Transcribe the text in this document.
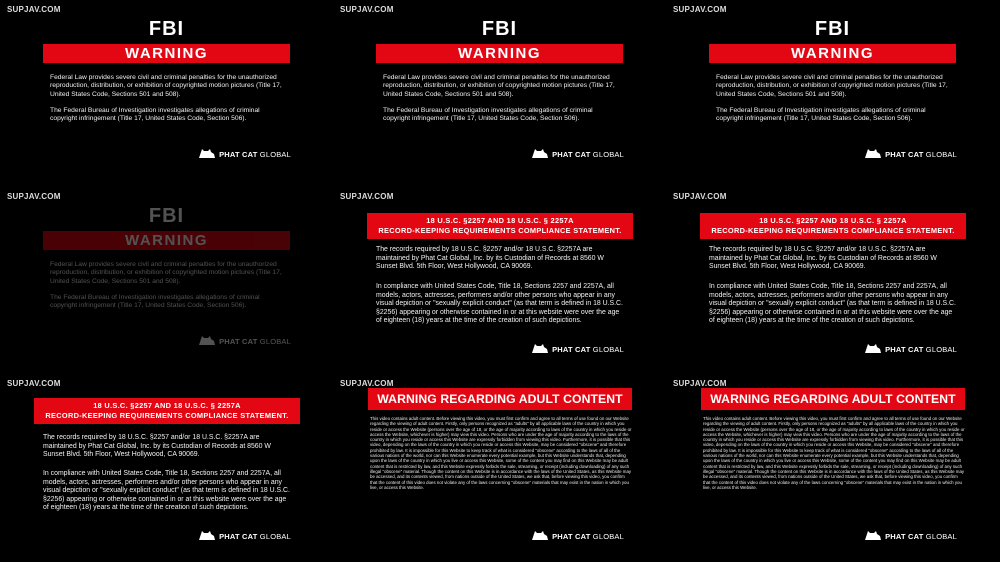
SUPJAV.COM
FBI
WARNING
Federal Law provides severe civil and criminal penalties for the unauthorized reproduction, distribution, or exhibition of copyrighted motion pictures (Title 17, United States Code, Sections 501 and 508).
The Federal Bureau of Investigation investigates allegations of criminal copyright infringement (Title 17, United States Code, Section 506).
PHAT CAT GLOBAL
SUPJAV.COM
FBI
WARNING
Federal Law provides severe civil and criminal penalties for the unauthorized reproduction, distribution, or exhibition of copyrighted motion pictures (Title 17, United States Code, Sections 501 and 508).
The Federal Bureau of Investigation investigates allegations of criminal copyright infringement (Title 17, United States Code, Section 506).
PHAT CAT GLOBAL
SUPJAV.COM
FBI
WARNING
Federal Law provides severe civil and criminal penalties for the unauthorized reproduction, distribution, or exhibition of copyrighted motion pictures (Title 17, United States Code, Sections 501 and 508).
The Federal Bureau of Investigation investigates allegations of criminal copyright infringement (Title 17, United States Code, Section 506).
PHAT CAT GLOBAL
SUPJAV.COM
FBI
WARNING
Federal Law provides severe civil and criminal penalties for the unauthorized reproduction, distribution, or exhibition of copyrighted motion pictures (Title 17, United States Code, Sections 501 and 508).
The Federal Bureau of Investigation investigates allegations of criminal copyright infringement (Title 17, United States Code, Section 506).
PHAT CAT GLOBAL
SUPJAV.COM
18 U.S.C. §2257 AND 18 U.S.C. § 2257A
RECORD-KEEPING REQUIREMENTS COMPLIANCE STATEMENT.
The records required by 18 U.S.C. §2257 and/or 18 U.S.C. §2257A are maintained by Phat Cat Global, Inc. by its Custodian of Records at 8560 W Sunset Blvd. 5th Floor, West Hollywood, CA 90069.
In compliance with United States Code, Title 18, Sections 2257 and 2257A, all models, actors, actresses, performers and/or other persons who appear in any visual depiction or "sexually explicit conduct" (as that term is defined in 18 U.S.C. §2256) appearing or otherwise contained in or at this website were over the age of eighteen (18) years at the time of the creation of such depictions.
PHAT CAT GLOBAL
SUPJAV.COM
18 U.S.C. §2257 AND 18 U.S.C. § 2257A
RECORD-KEEPING REQUIREMENTS COMPLIANCE STATEMENT.
The records required by 18 U.S.C. §2257 and/or 18 U.S.C. §2257A are maintained by Phat Cat Global, Inc. by its Custodian of Records at 8560 W Sunset Blvd. 5th Floor, West Hollywood, CA 90069.
In compliance with United States Code, Title 18, Sections 2257 and 2257A, all models, actors, actresses, performers and/or other persons who appear in any visual depiction or "sexually explicit conduct" (as that term is defined in 18 U.S.C. §2256) appearing or otherwise contained in or at this website were over the age of eighteen (18) years at the time of the creation of such depictions.
PHAT CAT GLOBAL
SUPJAV.COM
18 U.S.C. §2257 AND 18 U.S.C. § 2257A
RECORD-KEEPING REQUIREMENTS COMPLIANCE STATEMENT.
The records required by 18 U.S.C. §2257 and/or 18 U.S.C. §2257A are maintained by Phat Cat Global, Inc. by its Custodian of Records at 8560 W Sunset Blvd. 5th Floor, West Hollywood, CA 90069.
In compliance with United States Code, Title 18, Sections 2257 and 2257A, all models, actors, actresses, performers and/or other persons who appear in any visual depiction or "sexually explicit conduct" (as that term is defined in 18 U.S.C. §2256) appearing or otherwise contained in or at this website were over the age of eighteen (18) years at the time of the creation of such depictions.
PHAT CAT GLOBAL
SUPJAV.COM
WARNING REGARDING ADULT CONTENT
This video contains adult content. Before viewing this video, you must first confirm and agree to all terms of use found on our Website regarding the viewing of adult content. Firstly, only persons recognized as "adults" by all applicable laws of the country in which you reside or access the Website (persons over the age of 18, or the age of majority according to laws of the country in which you reside or access the Website, whichever is higher) may view this video. Persons who are under the age of majority according to the laws of the country in which you reside or access this Website are expressly forbidden from viewing this video. Furthermore, it is possible that this video, depending on the laws of the country in which you reside or access this Website, may be considered "obscene" and therefore prohibited by law. It is impossible for this Website to keep track of what is considered "obscene" according to the laws of all of the various nations of the world, nor can this Website enumerate every potential example, but this Website understands that, depending upon the laws of the country in which you live or access this Website, some of the content you may find on this Website may be adult content that is restricted by law, and this Website expressly forbids the sale, streaming, or receipt (including downloading) of any such illegal "obscene" material. Though the content on this Website is in accordance with the laws of the United States, as this Website may be accessed, and its contents viewed, from nations outside of the United States, we ask that, before viewing this video, you confirm that the content of this video does not violate any of the laws concerning "obscene" materials that may exist in the nation in which you live, or access this Website.
PHAT CAT GLOBAL
SUPJAV.COM
WARNING REGARDING ADULT CONTENT
This video contains adult content. Before viewing this video, you must first confirm and agree to all terms of use found on our Website regarding the viewing of adult content. Firstly, only persons recognized as "adults" by all applicable laws of the country in which you reside or access the Website (persons over the age of 18, or the age of majority according to laws of the country in which you reside or access the Website, whichever is higher) may view this video. Persons who are under the age of majority according to the laws of the country in which you reside or access this Website are expressly forbidden from viewing this video. Furthermore, it is possible that this video, depending on the laws of the country in which you reside or access this Website, may be considered "obscene" and therefore prohibited by law. It is impossible for this Website to keep track of what is considered "obscene" according to the laws of all of the various nations of the world, nor can this Website enumerate every potential example, but this Website understands that, depending upon the laws of the country in which you live or access this Website, some of the content you may find on this Website may be adult content that is restricted by law, and this Website expressly forbids the sale, streaming, or receipt (including downloading) of any such illegal "obscene" material. Though the content on this Website is in accordance with the laws of the United States, as this Website may be accessed, and its contents viewed, from nations outside of the United States, we ask that, before viewing this video, you confirm that the content of this video does not violate any of the laws concerning "obscene" materials that may exist in the nation in which you live, or access this Website.
PHAT CAT GLOBAL
